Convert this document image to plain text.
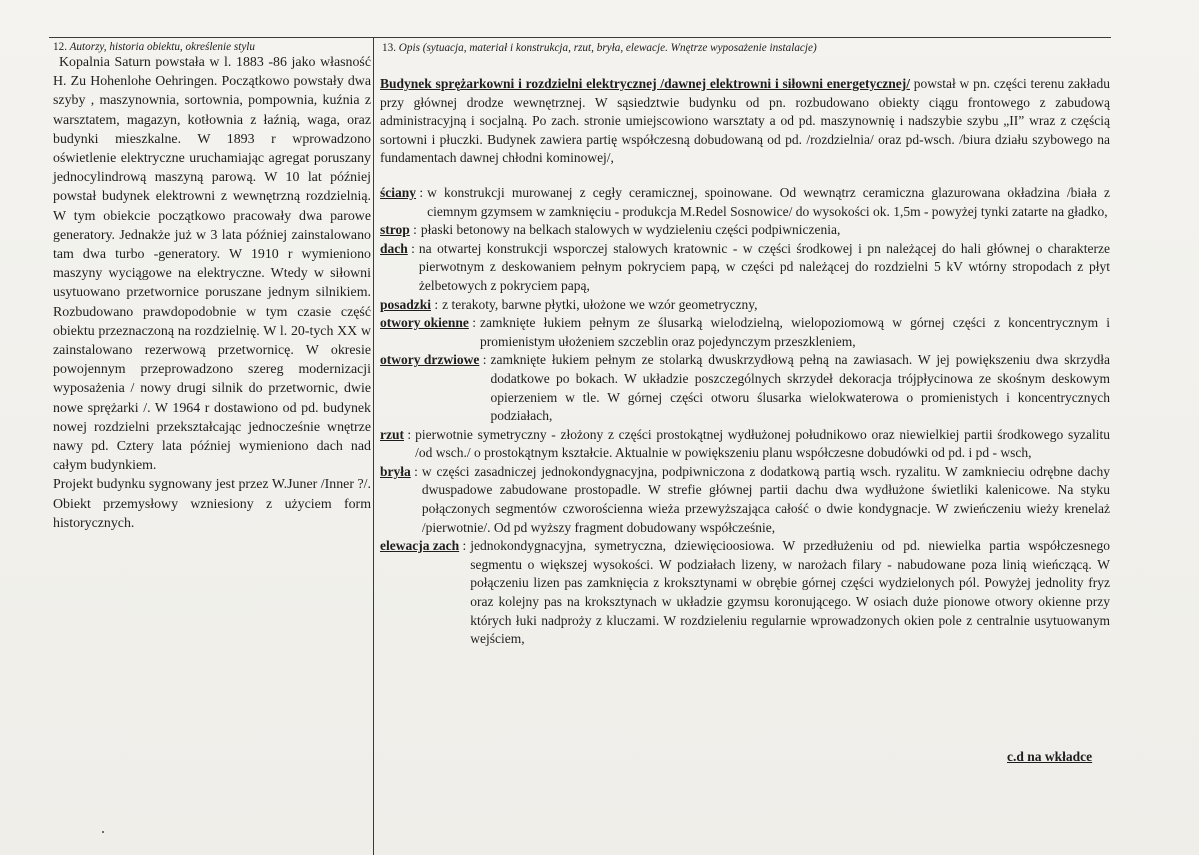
12. Autorzy, historia obiektu, określenie stylu	13. Opis (sytuacja, materiał i konstrukcja, rzut, bryła, elewacje. Wnętrze wyposażenie instalacje)

Kopalnia Saturn powstała w l. 1883 -86 jako własność H. Zu Hohenlohe Oehringen. Początkowo powstały dwa szyby , maszynownia, sortownia, pompownia, kuźnia z warsztatem, magazyn, kotłownia z łaźnią, waga, oraz budynki mieszkalne. W 1893 r wprowadzono oświetlenie elektryczne uruchamiając agregat poruszany jednocylindrową maszyną parową. W 10 lat później powstał budynek elektrowni z wewnętrzną rozdzielnią. W tym obiekcie początkowo pracowały dwa parowe generatory. Jednakże już w 3 lata później zainstalowano tam dwa turbo -generatory. W 1910 r wymieniono maszyny wyciągowe na elektryczne. Wtedy w siłowni usytuowano przetwornice poruszane jednym silnikiem. Rozbudowano prawdopodobnie w tym czasie część obiektu przeznaczoną na rozdzielnię. W l. 20-tych XX w zainstalowano rezerwową przetwornicę. W okresie powojennym przeprowadzono szereg modernizacji wyposażenia / nowy drugi silnik do przetwornic, dwie nowe sprężarki /. W 1964 r dostawiono od pd. budynek nowej rozdzielni przekształcając jednocześnie wnętrze nawy pd. Cztery lata później wymieniono dach nad całym budynkiem.

Projekt budynku sygnowany jest przez W.Juner /Inner ?/. Obiekt przemysłowy wzniesiony z użyciem form historycznych.

Budynek sprężarkowni i rozdzielni elektrycznej /dawnej elektrowni i siłowni energetycznej/ powstał w pn. części terenu zakładu przy głównej drodze wewnętrznej. W sąsiedztwie budynku od pn. rozbudowano obiekty ciągu frontowego z zabudową administracyjną i socjalną. Po zach. stronie umiejscowiono warsztaty a od pd. maszynownię i nadszybie szybu „II” wraz z częścią sortowni i płuczki. Budynek zawiera partię współczesną dobudowaną od pd. /rozdzielnia/ oraz pd-wsch. /biura działu szybowego na fundamentach dawnej chłodni kominowej/,

ściany : w konstrukcji murowanej z cegły ceramicznej, spoinowane. Od wewnątrz ceramiczna glazurowana okładzina /biała z ciemnym gzymsem w zamknięciu - produkcja M.Redel Sosnowice/ do wysokości ok. 1,5m - powyżej tynki zatarte na gładko,
strop : płaski betonowy na belkach stalowych w wydzieleniu części podpiwniczenia,
dach : na otwartej konstrukcji wsporczej stalowych kratownic - w części środkowej i pn należącej do hali głównej o charakterze pierwotnym z deskowaniem pełnym pokryciem papą, w części pd należącej do rozdzielni 5 kV wtórny stropodach z płyt żelbetowych z pokryciem papą,
posadzki : z terakoty, barwne płytki, ułożone we wzór geometryczny,
otwory okienne : zamknięte łukiem pełnym ze ślusarką wielodzielną, wielopoziomową w górnej części z koncentrycznym i promienistym ułożeniem szczeblin oraz pojedynczym przeszkleniem,
otwory drzwiowe : zamknięte łukiem pełnym ze stolarką dwuskrzydłową pełną na zawiasach. W jej powiększeniu dwa skrzydła dodatkowe po bokach. W układzie poszczególnych skrzydeł dekoracja trójpłycinowa ze skośnym deskowym opierzeniem w tle. W górnej części otworu ślusarka wielokwaterowa o promienistych i koncentrycznych podziałach,
rzut : pierwotnie symetryczny - złożony z części prostokątnej wydłużonej południkowo oraz niewielkiej partii środkowego syzalitu /od wsch./ o prostokątnym kształcie. Aktualnie w powiększeniu planu współczesne dobudówki od pd. i pd - wsch,
bryła : w części zasadniczej jednokondygnacyjna, podpiwniczona z dodatkową partią wsch. ryzalitu. W zamknieciu odrębne dachy dwuspadowe zabudowane prostopadle. W strefie głównej partii dachu dwa wydłużone świetliki kalenicowe. Na styku połączonych segmentów czworościenna wieża przewyższająca całość o dwie kondygnacje. W zwieńczeniu wieży krenelaż /pierwotnie/. Od pd wyższy fragment dobudowany współcześnie,
elewacja zach : jednokondygnacyjna, symetryczna, dziewięcioosiowa. W przedłużeniu od pd. niewielka partia współczesnego segmentu o większej wysokości. W podziałach lizeny, w narożach filary - nabudowane poza linią wieńczącą. W połączeniu lizen pas zamknięcia z kroksztynami w obrębie górnej części wydzielonych pól. Powyżej jednolity fryz oraz kolejny pas na kroksztynach w układzie gzymsu koronującego. W osiach duże pionowe otwory okienne przy których łuki nadproży z kluczami. W rozdzieleniu regularnie wprowadzonych okien pole z centralnie usytuowanym wejściem,
c.d na wkładce
